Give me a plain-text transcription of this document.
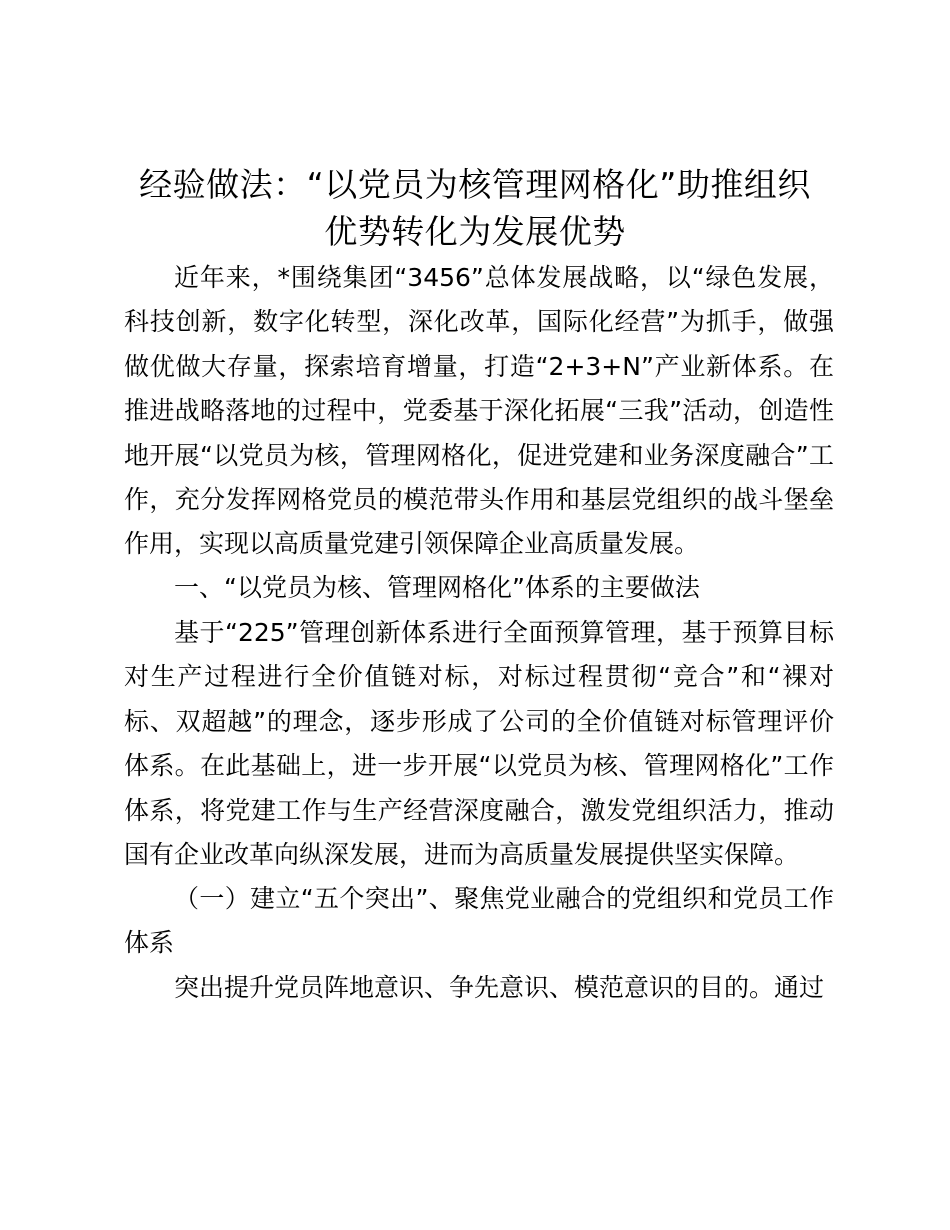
经验做法：“以党员为核管理网格化”助推组织
优势转化为发展优势

近年来，*围绕集团“3456”总体发展战略，以“绿色发展，科技创新，数字化转型，深化改革，国际化经营”为抓手，做强做优做大存量，探索培育增量，打造“2+3+N”产业新体系。在推进战略落地的过程中，党委基于深化拓展“三我”活动，创造性地开展“以党员为核，管理网格化，促进党建和业务深度融合”工作，充分发挥网格党员的模范带头作用和基层党组织的战斗堡垒作用，实现以高质量党建引领保障企业高质量发展。

一、“以党员为核、管理网格化”体系的主要做法

基于“225”管理创新体系进行全面预算管理，基于预算目标对生产过程进行全价值链对标，对标过程贯彻“竞合”和“裸对标、双超越”的理念，逐步形成了公司的全价值链对标管理评价体系。在此基础上，进一步开展“以党员为核、管理网格化”工作体系，将党建工作与生产经营深度融合，激发党组织活力，推动国有企业改革向纵深发展，进而为高质量发展提供坚实保障。

（一）建立“五个突出”、聚焦党业融合的党组织和党员工作体系

突出提升党员阵地意识、争先意识、模范意识的目的。通过
